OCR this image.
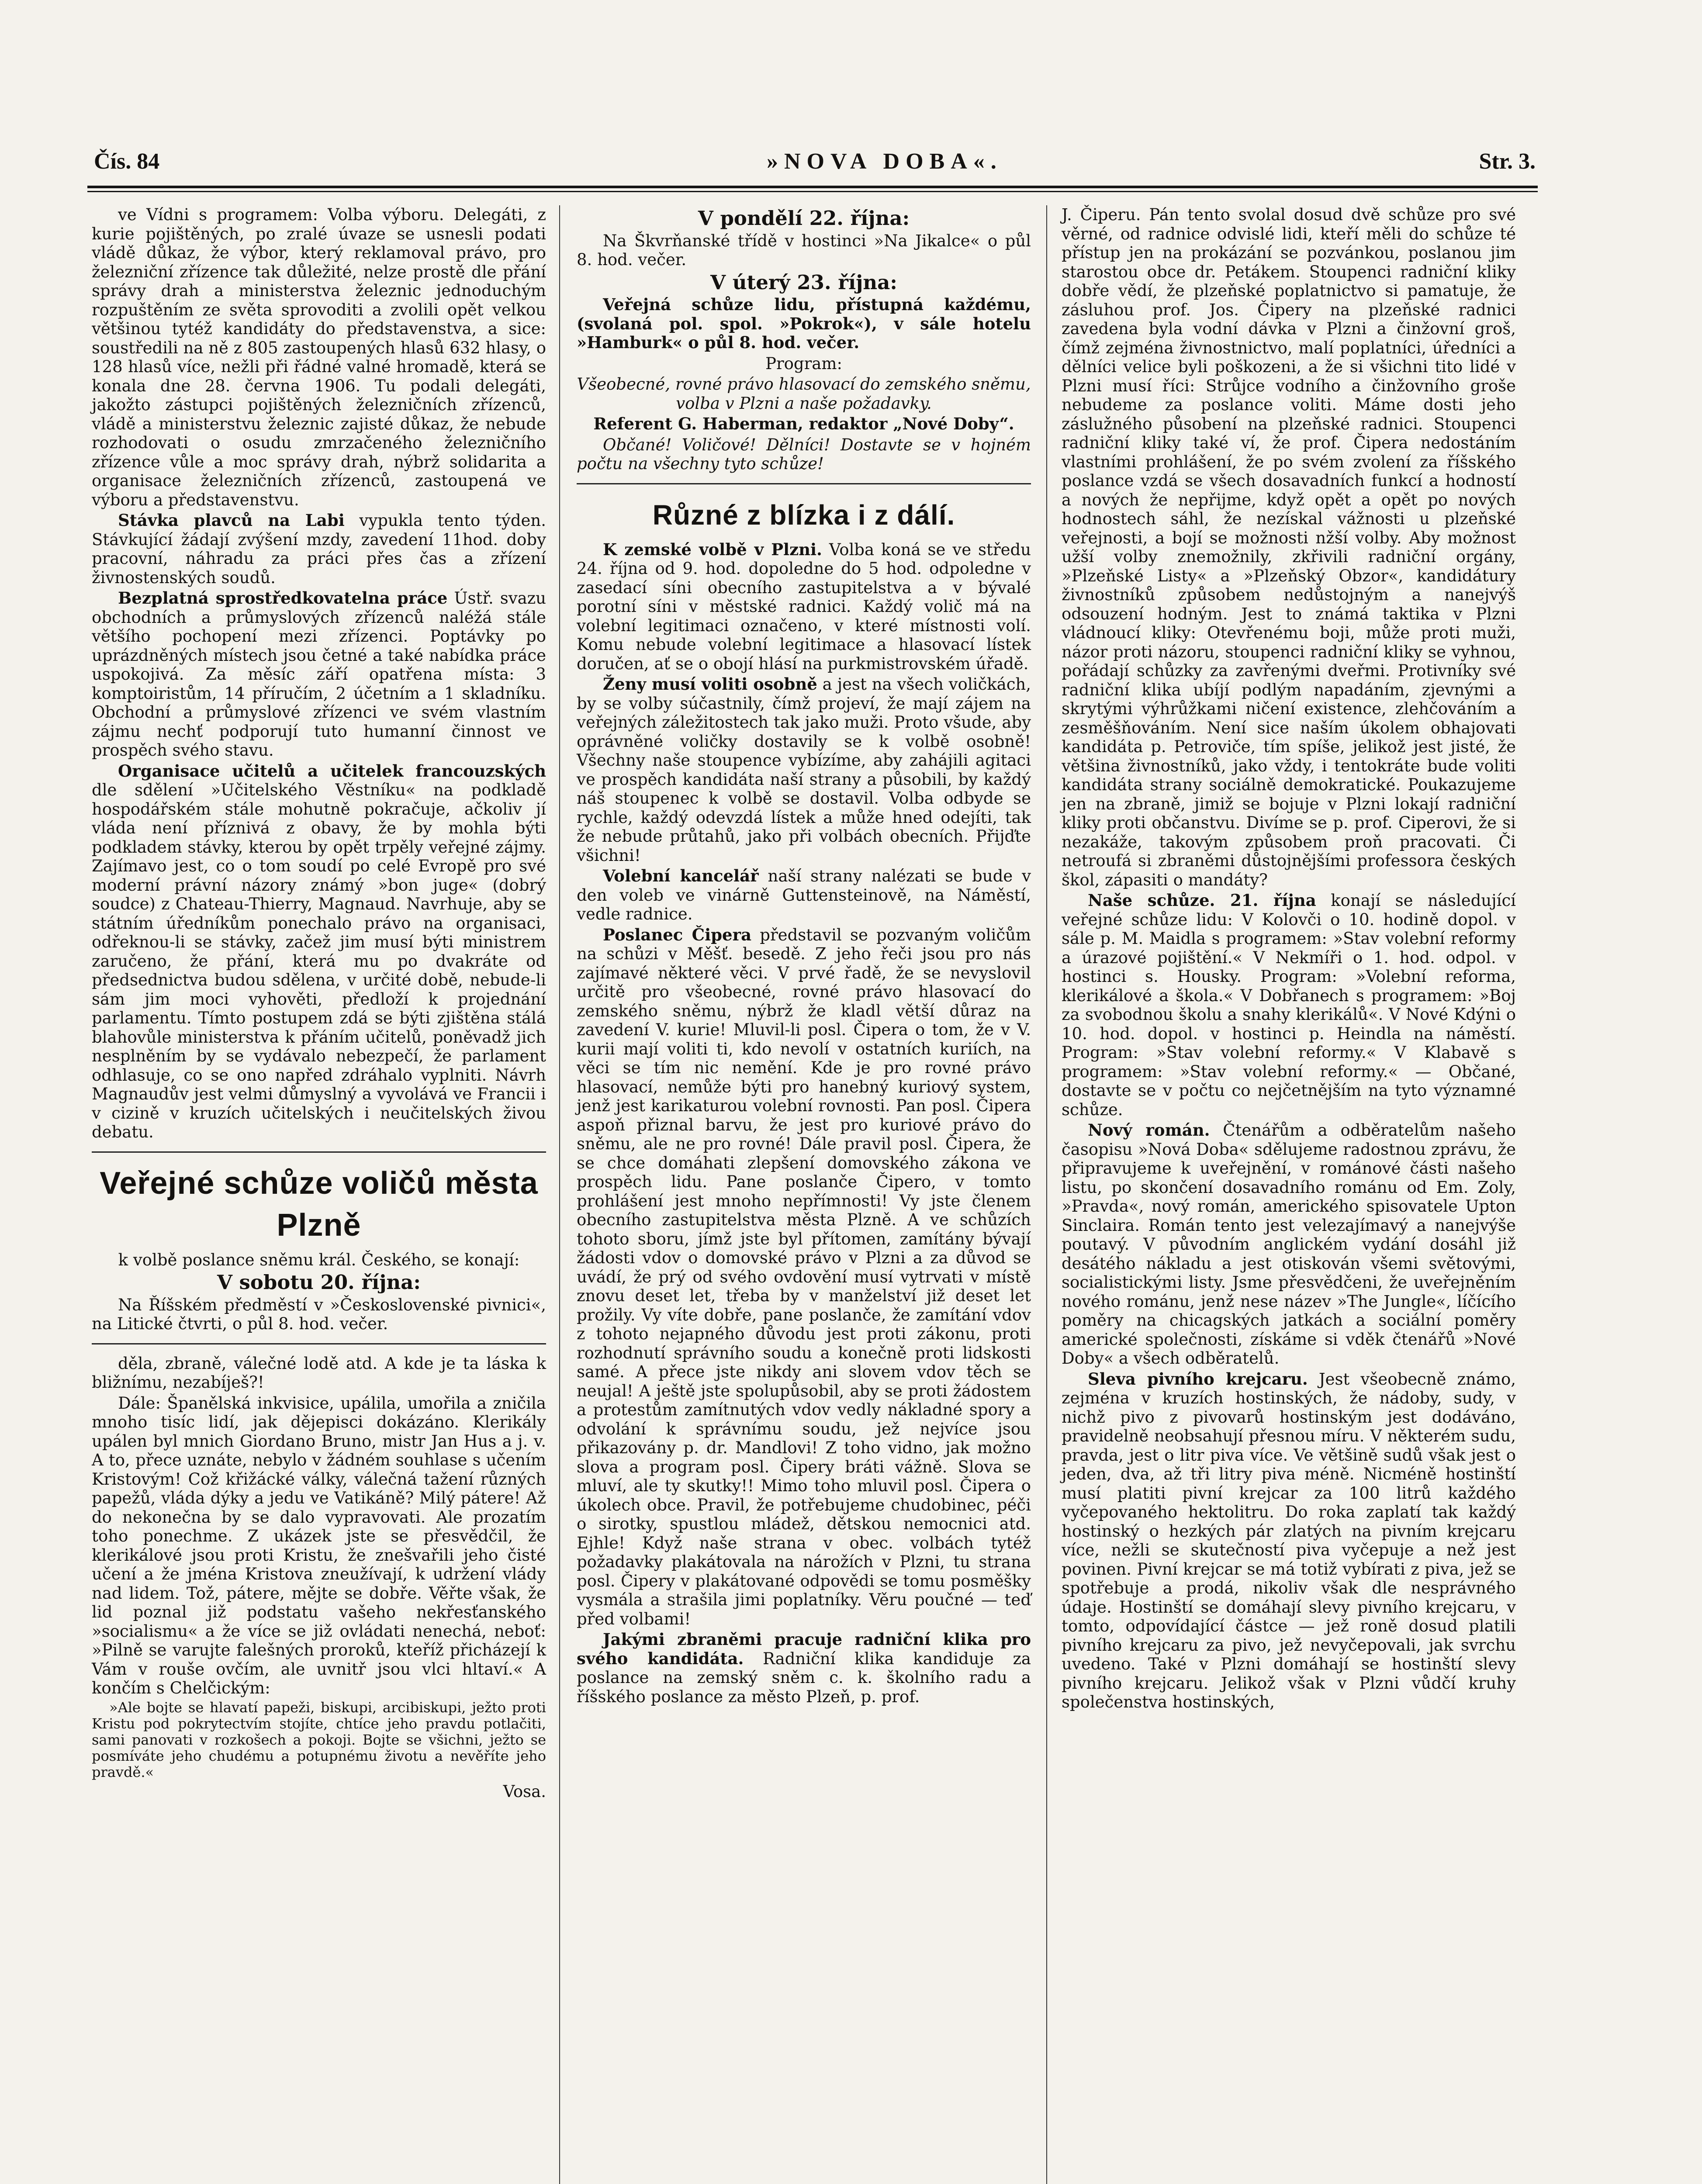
Čís. 84	»NOVA DOBA«.	Str. 3.

ve Vídni s programem: Volba výboru. Delegáti, z kurie pojištěných, po zralé úvaze se usnesli podati vládě důkaz, že výbor, který reklamoval právo, pro železniční zřízence tak důležité, nelze prostě dle přání správy drah a ministerstva železnic jednoduchým rozpuštěním ze světa sprovoditi a zvolili opět velkou většinou tytéž kandidáty do představenstva, a sice: soustředili na ně z 805 zastoupených hlasů 632 hlasy, o 128 hlasů více, nežli při řádné valné hromadě, která se konala dne 28. června 1906. Tu podali delegáti, jakožto zástupci pojištěných železničních zřízenců, vládě a ministerstvu železnic zajisté důkaz, že nebude rozhodovati o osudu zmrzačeného železničního zřízence vůle a moc správy drah, nýbrž solidarita a organisace železničních zřízenců, zastoupená ve výboru a představenstvu.

Stávka plavců na Labi vypukla tento týden. Stávkující žádají zvýšení mzdy, zavedení 11hod. doby pracovní, náhradu za práci přes čas a zřízení živnostenských soudů.

Bezplatná sprostředkovatelna práce Ústř. svazu obchodních a průmyslových zřízenců naléžá stále většího pochopení mezi zřízenci. Poptávky po uprázdněných místech jsou četné a také nabídka práce uspokojivá. Za měsíc září opatřena místa: 3 komptoiristům, 14 příručím, 2 účetním a 1 skladníku. Obchodní a průmyslové zřízenci ve svém vlastním zájmu nechť podporují tuto humanní činnost ve prospěch svého stavu.

Organisace učitelů a učitelek francouzských dle sdělení »Učitelského Věstníku« na podkladě hospodářském stále mohutně pokračuje, ačkoliv jí vláda není příznivá z obavy, že by mohla býti podkladem stávky, kterou by opět trpěly veřejné zájmy. Zajímavo jest, co o tom soudí po celé Evropě pro své moderní právní názory známý »bon juge« (dobrý soudce) z Chateau-Thierry, Magnaud. Navrhuje, aby se státním úředníkům ponechalo právo na organisaci, odřeknou-li se stávky, začež jim musí býti ministrem zaručeno, že přání, která mu po dvakráte od předsednictva budou sdělena, v určité době, nebude-li sám jim moci vyhověti, předloží k projednání parlamentu. Tímto postupem zdá se býti zjištěna stálá blahovůle ministerstva k přáním učitelů, poněvadž jich nesplněním by se vydávalo nebezpečí, že parlament odhlasuje, co se ono napřed zdráhalo vyplniti. Návrh Magnaudův jest velmi důmyslný a vyvolává ve Francii i v cizině v kruzích učitelských i neučitelských živou debatu.

Veřejné schůze voličů města Plzně

k volbě poslance sněmu král. Českého, se konají:

V sobotu 20. října:

Na Říšském předměstí v »Československé pivnici«, na Litické čtvrti, o půl 8. hod. večer.

děla, zbraně, válečné lodě atd. A kde je ta láska k bližnímu, nezabíješ?!

Dále: Španělská inkvisice, upálila, umořila a zničila mnoho tisíc lidí, jak dějepisci dokázáno. Klerikály upálen byl mnich Giordano Bruno, mistr Jan Hus a j. v. A to, přece uznáte, nebylo v žádném souhlase s učením Kristovým! Což křižácké války, válečná tažení různých papežů, vláda dýky a jedu ve Vatikáně? Milý pátere! Až do nekonečna by se dalo vypravovati. Ale prozatím toho ponechme. Z ukázek jste se přesvědčil, že klerikálové jsou proti Kristu, že znešvařili jeho čisté učení a že jména Kristova zneužívají, k udržení vlády nad lidem. Tož, pátere, mějte se dobře. Věřte však, že lid poznal již podstatu vašeho nekřesťanského »socialismu« a že více se již ovládati nenechá, neboť: »Pilně se varujte falešných proroků, kteříž přicházejí k Vám v rouše ovčím, ale uvnitř jsou vlci hltaví.« A končím s Chelčickým:

»Ale bojte se hlavatí papeži, biskupi, arcibiskupi, ježto proti Kristu pod pokrytectvím stojíte, chtíce jeho pravdu potlačiti, sami panovati v rozkošech a pokoji. Bojte se všichni, ježto se posmíváte jeho chudému a potupnému životu a nevěříte jeho pravdě.«

Vosa.

V pondělí 22. října:

Na Škvrňanské třídě v hostinci »Na Jikalce« o půl 8. hod. večer.

V úterý 23. října:

Veřejná schůze lidu, přístupná každému, (svolaná pol. spol. »Pokrok«), v sále hotelu »Hamburk« o půl 8. hod. večer.

Program:

Všeobecné, rovné právo hlasovací do zemského sněmu, volba v Plzni a naše požadavky.

Referent G. Haberman, redaktor „Nové Doby“.

Občané! Voličové! Dělníci! Dostavte se v hojném počtu na všechny tyto schůze!

Různé z blízka i z dálí.

K zemské volbě v Plzni. Volba koná se ve středu 24. října od 9. hod. dopoledne do 5 hod. odpoledne v zasedací síni obecního zastupitelstva a v bývalé porotní síni v městské radnici. Každý volič má na volební legitimaci označeno, v které místnosti volí. Komu nebude volební legitimace a hlasovací lístek doručen, ať se o obojí hlásí na purkmistrovském úřadě.

Ženy musí voliti osobně a jest na všech voličkách, by se volby súčastnily, čímž projeví, že mají zájem na veřejných záležitostech tak jako muži. Proto všude, aby oprávněné voličky dostavily se k volbě osobně! Všechny naše stoupence vybízíme, aby zahájili agitaci ve prospěch kandidáta naší strany a působili, by každý náš stoupenec k volbě se dostavil. Volba odbyde se rychle, každý odevzdá lístek a může hned odejíti, tak že nebude průtahů, jako při volbách obecních. Přijďte všichni!

Volební kancelář naší strany nalézati se bude v den voleb ve vinárně Guttensteinově, na Náměstí, vedle radnice.

Poslanec Čipera představil se pozvaným voličům na schůzi v Měšť. besedě. Z jeho řeči jsou pro nás zajímavé některé věci. V prvé řadě, že se nevyslovil určitě pro všeobecné, rovné právo hlasovací do zemského sněmu, nýbrž že kladl větší důraz na zavedení V. kurie! Mluvil-li posl. Čipera o tom, že v V. kurii mají voliti ti, kdo nevolí v ostatních kuriích, na věci se tím nic nemění. Kde je pro rovné právo hlasovací, nemůže býti pro hanebný kuriový system, jenž jest karikaturou volební rovnosti. Pan posl. Čipera aspoň přiznal barvu, že jest pro kuriové právo do sněmu, ale ne pro rovné! Dále pravil posl. Čipera, že se chce domáhati zlepšení domovského zákona ve prospěch lidu. Pane poslanče Čipero, v tomto prohlášení jest mnoho nepřímnosti! Vy jste členem obecního zastupitelstva města Plzně. A ve schůzích tohoto sboru, jímž jste byl přítomen, zamítány bývají žádosti vdov o domovské právo v Plzni a za důvod se uvádí, že prý od svého ovdovění musí vytrvati v místě znovu deset let, třeba by v manželství již deset let prožily. Vy víte dobře, pane poslanče, že zamítání vdov z tohoto nejapného důvodu jest proti zákonu, proti rozhodnutí správního soudu a konečně proti lidskosti samé. A přece jste nikdy ani slovem vdov těch se neujal! A ještě jste spolupůsobil, aby se proti žádostem a protestům zamítnutých vdov vedly nákladné spory a odvolání k správnímu soudu, jež nejvíce jsou přikazovány p. dr. Mandlovi! Z toho vidno, jak možno slova a program posl. Čipery bráti vážně. Slova se mluví, ale ty skutky!! Mimo toho mluvil posl. Čipera o úkolech obce. Pravil, že potřebujeme chudobinec, péči o sirotky, spustlou mládež, dětskou nemocnici atd. Ejhle! Když naše strana v obec. volbách tytéž požadavky plakátovala na nárožích v Plzni, tu strana posl. Čipery v plakátované odpovědi se tomu posměšky vysmála a strašila jimi poplatníky. Věru poučné — teď před volbami!

Jakými zbraněmi pracuje radniční klika pro svého kandidáta. Radniční klika kandiduje za poslance na zemský sněm c. k. školního radu a říšského poslance za město Plzeň, p. prof.

J. Čiperu. Pán tento svolal dosud dvě schůze pro své věrné, od radnice odvislé lidi, kteří měli do schůze té přístup jen na prokázání se pozvánkou, poslanou jim starostou obce dr. Petákem. Stoupenci radniční kliky dobře vědí, že plzeňské poplatnictvo si pamatuje, že zásluhou prof. Jos. Čipery na plzeňské radnici zavedena byla vodní dávka v Plzni a činžovní groš, čímž zejména živnostnictvo, malí poplatníci, úředníci a dělníci velice byli poškozeni, a že si všichni tito lidé v Plzni musí říci: Strůjce vodního a činžovního groše nebudeme za poslance voliti. Máme dosti jeho záslužného působení na plzeňské radnici. Stoupenci radniční kliky také ví, že prof. Čipera nedostáním vlastními prohlášení, že po svém zvolení za říšského poslance vzdá se všech dosavadních funkcí a hodností a nových že nepřijme, když opět a opět po nových hodnostech sáhl, že nezískal vážnosti u plzeňské veřejnosti, a bojí se možnosti nžší volby. Aby možnost užší volby znemožnily, zkřivili radniční orgány, »Plzeňské Listy« a »Plzeňský Obzor«, kandidátury živnostníků způsobem nedůstojným a nanejvýš odsouzení hodným. Jest to známá taktika v Plzni vládnoucí kliky: Otevřenému boji, může proti muži, názor proti názoru, stoupenci radniční kliky se vyhnou, pořádají schůzky za zavřenými dveřmi. Protivníky své radniční klika ubíjí podlým napadáním, zjevnými a skrytými výhrůžkami ničení existence, zlehčováním a zesměšňováním. Není sice naším úkolem obhajovati kandidáta p. Petroviče, tím spíše, jelikož jest jisté, že většina živnostníků, jako vždy, i tentokráte bude voliti kandidáta strany sociálně demokratické. Poukazujeme jen na zbraně, jimiž se bojuje v Plzni lokají radniční kliky proti občanstvu. Divíme se p. prof. Ciperovi, že si nezakáže, takovým způsobem proň pracovati. Či netroufá si zbraněmi důstojnějšími professora českých škol, zápasiti o mandáty?

Naše schůze. 21. října konají se následující veřejné schůze lidu: V Kolovči o 10. hodině dopol. v sále p. M. Maidla s programem: »Stav volební reformy a úrazové pojištění.« V Nekmíři o 1. hod. odpol. v hostinci s. Housky. Program: »Volební reforma, klerikálové a škola.« V Dobřanech s programem: »Boj za svobodnou školu a snahy klerikálů«. V Nové Kdýni o 10. hod. dopol. v hostinci p. Heindla na náměstí. Program: »Stav volební reformy.« V Klabavě s programem: »Stav volební reformy.« — Občané, dostavte se v počtu co nejčetnějším na tyto významné schůze.

Nový román. Čtenářům a odběratelům našeho časopisu »Nová Doba« sdělujeme radostnou zprávu, že připravujeme k uveřejnění, v románové části našeho listu, po skončení dosavadního románu od Em. Zoly, »Pravda«, nový román, amerického spisovatele Upton Sinclaira. Román tento jest velezajímavý a nanejvýše poutavý. V původním anglickém vydání dosáhl již desátého nákladu a jest otiskován všemi světovými, socialistickými listy. Jsme přesvědčeni, že uveřejněním nového románu, jenž nese název »The Jungle«, líčícího poměry na chicagských jatkách a sociální poměry americké společnosti, získáme si vděk čtenářů »Nové Doby« a všech odběratelů.

Sleva pivního krejcaru. Jest všeobecně známo, zejména v kruzích hostinských, že nádoby, sudy, v nichž pivo z pivovarů hostinským jest dodáváno, pravidelně neobsahují přesnou míru. V některém sudu, pravda, jest o litr piva více. Ve většině sudů však jest o jeden, dva, až tři litry piva méně. Nicméně hostinští musí platiti pivní krejcar za 100 litrů každého vyčepovaného hektolitru. Do roka zaplatí tak každý hostinský o hezkých pár zlatých na pivním krejcaru více, nežli se skutečností piva vyčepuje a než jest povinen. Pivní krejcar se má totiž vybírati z piva, jež se spotřebuje a prodá, nikoliv však dle nesprávného údaje. Hostinští se domáhají slevy pivního krejcaru, v tomto, odpovídající částce — jež roně dosud platili pivního krejcaru za pivo, jež nevyčepovali, jak svrchu uvedeno. Také v Plzni domáhají se hostinští slevy pivního krejcaru. Jelikož však v Plzni vůdčí kruhy společenstva hostinských,
